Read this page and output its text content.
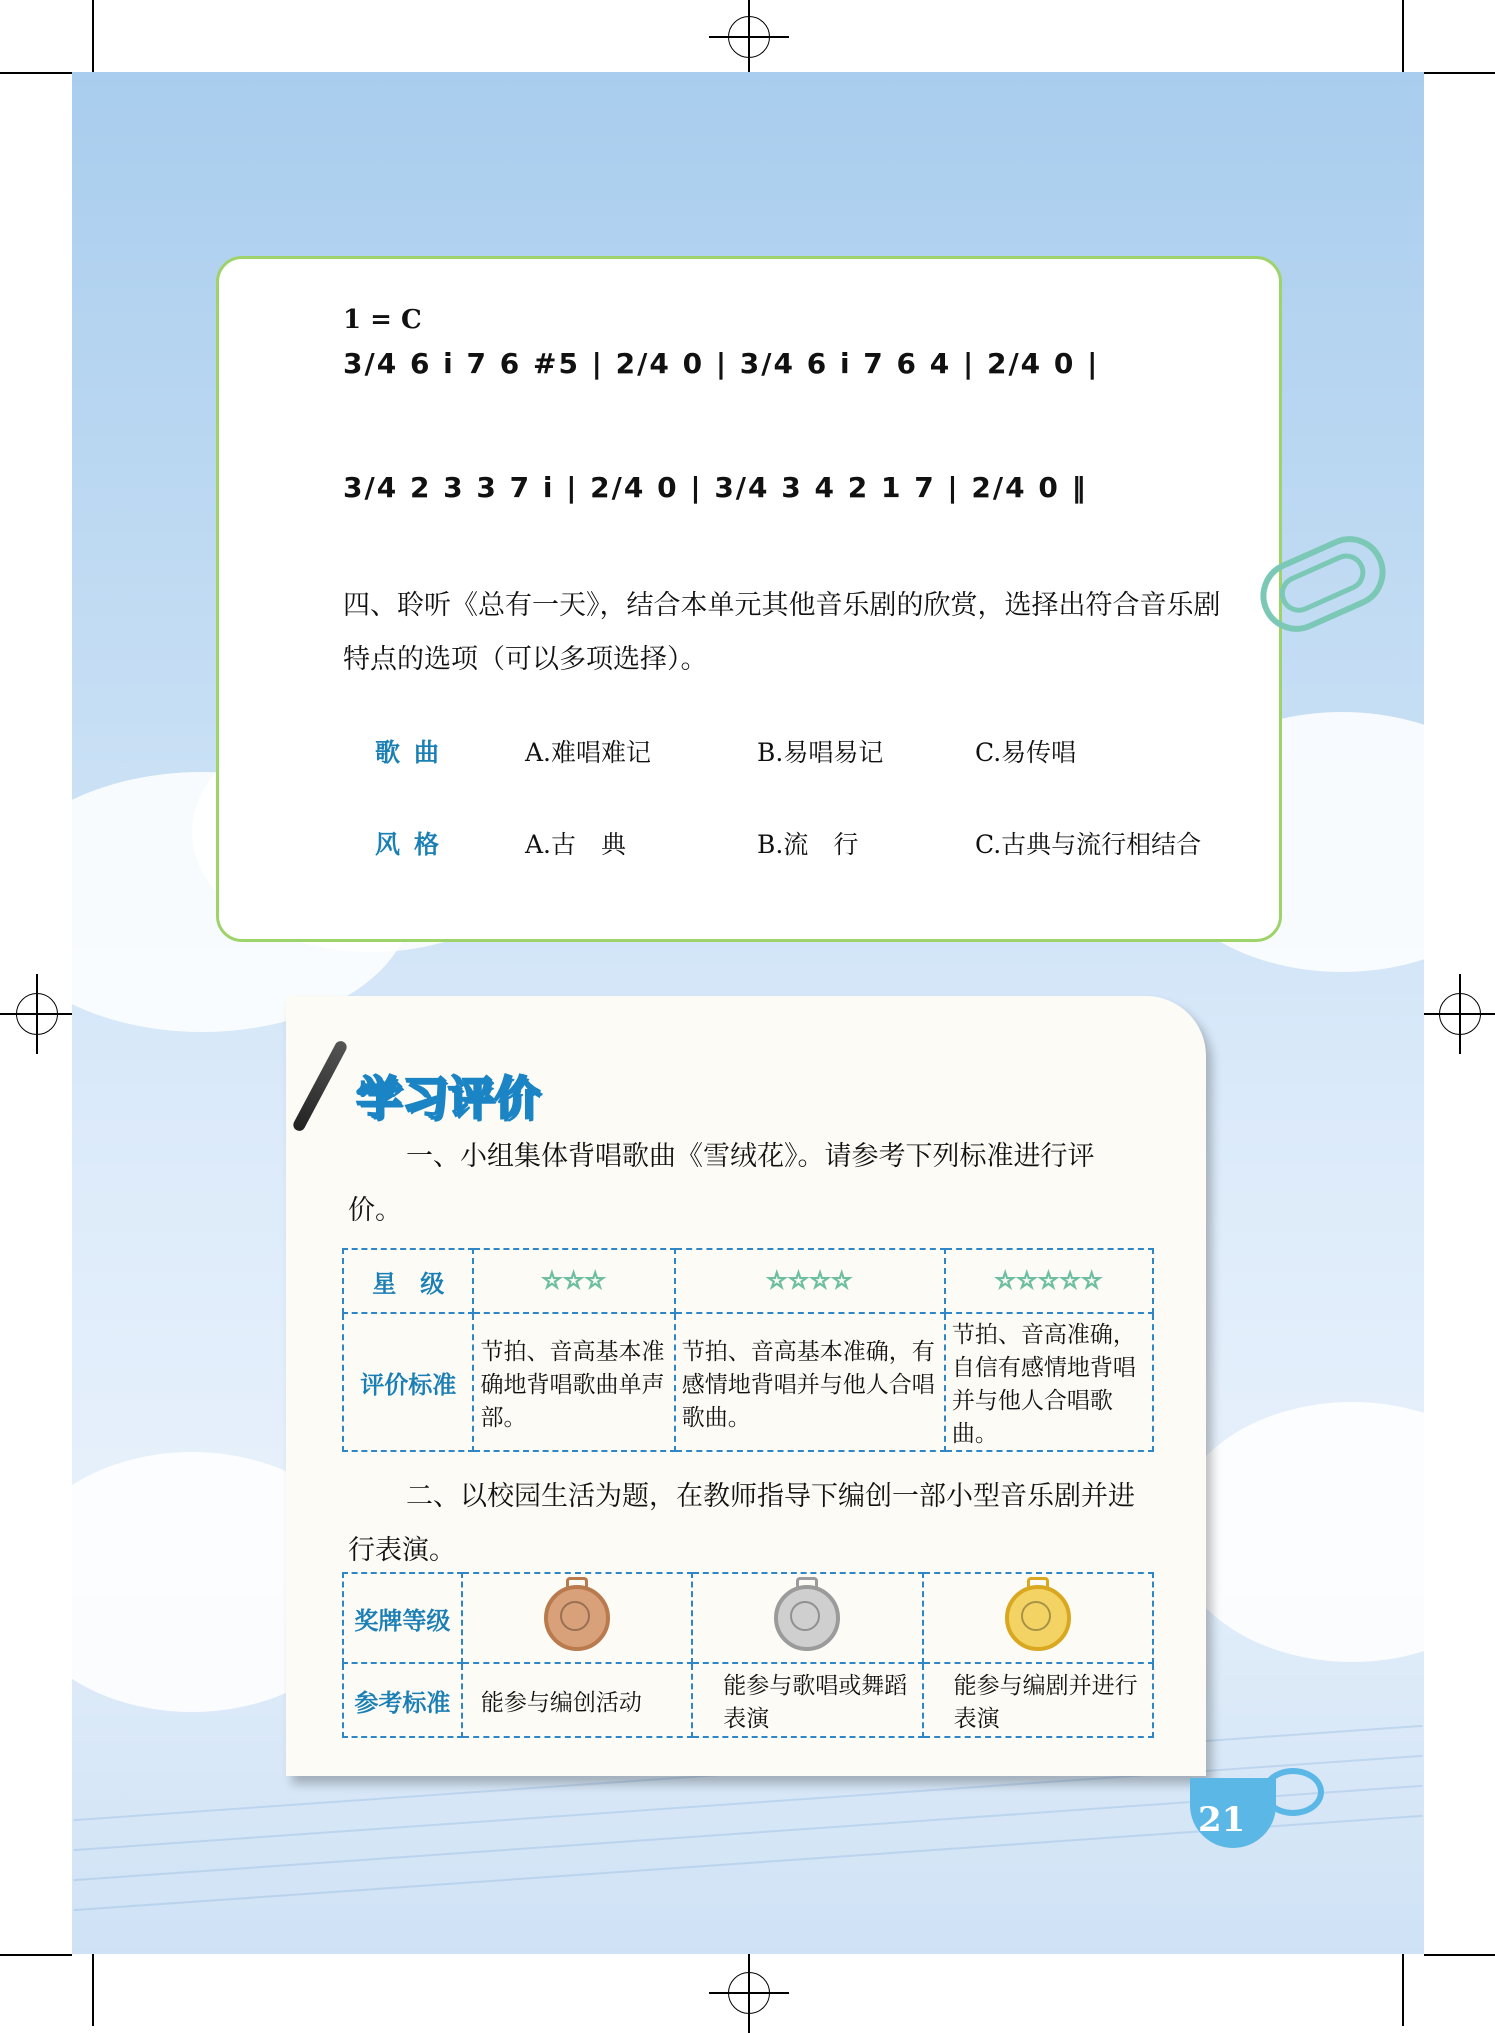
1 = C
3/4 6 i 7 6 #5 | 2/4 0 | 3/4 6 i 7 6 4 | 2/4 0 |
3/4 2 3 3 7 i | 2/4 0 | 3/4 3 4 2 1 7 | 2/4 0 ‖
四、聆听《总有一天》，结合本单元其他音乐剧的欣赏，选择出符合音乐剧特点的选项（可以多项选择）。
歌曲	A.难唱难记	B.易唱易记	C.易传唱
风格	A.古　典	B.流　行	C.古典与流行相结合
学习评价
一、小组集体背唱歌曲《雪绒花》。请参考下列标准进行评价。
星　级	☆☆☆	☆☆☆☆	☆☆☆☆☆
评价标准	节拍、音高基本准确地背唱歌曲单声部。	节拍、音高基本准确，有感情地背唱并与他人合唱歌曲。	节拍、音高准确，自信有感情地背唱并与他人合唱歌曲。
二、以校园生活为题，在教师指导下编创一部小型音乐剧并进行表演。
奖牌等级	

参考标准	能参与编创活动	能参与歌唱或舞蹈表演	能参与编剧并进行表演
21
